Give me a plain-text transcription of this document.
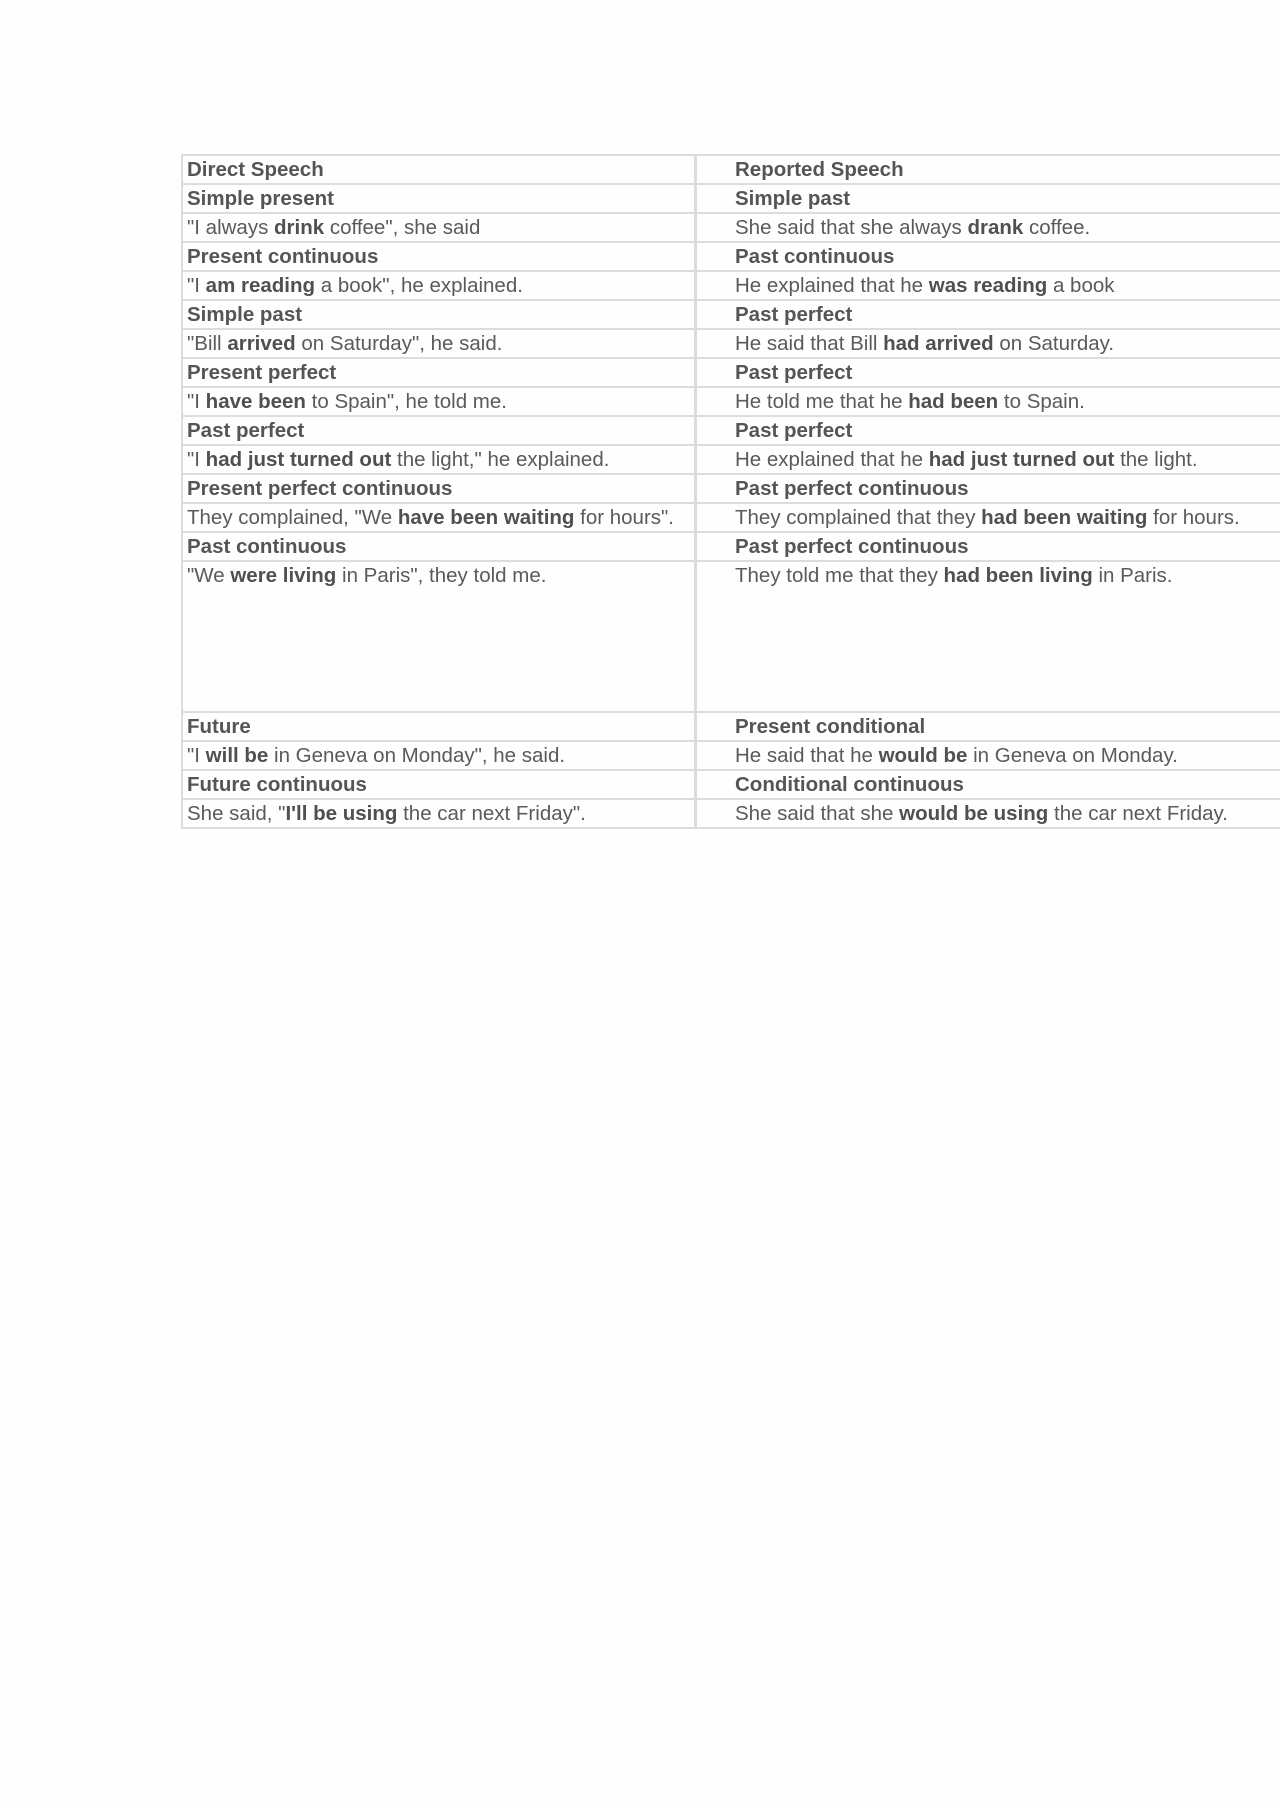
Direct Speech	Reported Speech
Simple present	Simple past
"I always drink coffee", she said	She said that she always drank coffee.
Present continuous	Past continuous
"I am reading a book", he explained.	He explained that he was reading a book
Simple past	Past perfect
"Bill arrived on Saturday", he said.	He said that Bill had arrived on Saturday.
Present perfect	Past perfect
"I have been to Spain", he told me.	He told me that he had been to Spain.
Past perfect	Past perfect
"I had just turned out the light," he explained.	He explained that he had just turned out the light.
Present perfect continuous	Past perfect continuous
They complained, "We have been waiting for hours".	They complained that they had been waiting for hours.
Past continuous	Past perfect continuous
"We were living in Paris", they told me.	They told me that they had been living in Paris.
Future	Present conditional
"I will be in Geneva on Monday", he said.	He said that he would be in Geneva on Monday.
Future continuous	Conditional continuous
She said, "I'll be using the car next Friday".	She said that she would be using the car next Friday.
